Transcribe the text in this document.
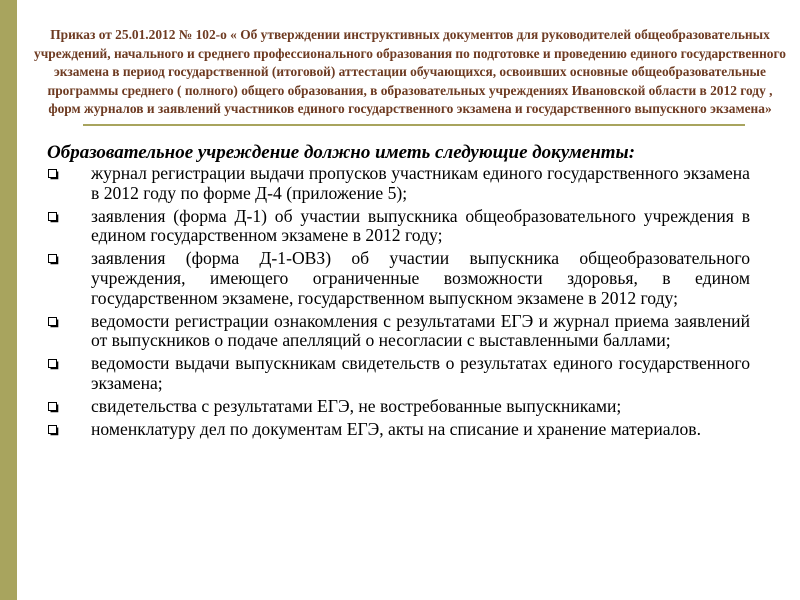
Приказ от 25.01.2012 № 102-о « Об утверждении инструктивных документов для руководителей общеобразовательных учреждений, начального и среднего профессионального образования по подготовке и проведению единого государственного экзамена в период государственной (итоговой) аттестации обучающихся, освоивших основные общеобразовательные программы среднего ( полного) общего образования, в образовательных учреждениях Ивановской области в 2012 году , форм журналов и заявлений участников единого государственного экзамена и государственного выпускного экзамена»

Образовательное учреждение должно иметь следующие документы:

журнал регистрации выдачи пропусков участникам единого государственного экзамена в 2012 году по форме Д-4 (приложение 5);
заявления (форма Д-1) об участии выпускника общеобразовательного учреждения в едином государственном экзамене в 2012 году;
заявления (форма Д-1-ОВЗ) об участии выпускника общеобразовательного учреждения, имеющего ограниченные возможности здоровья, в едином государственном экзамене, государственном выпускном экзамене в 2012 году;
ведомости регистрации ознакомления с результатами ЕГЭ и журнал приема заявлений от выпускников о подаче апелляций о несогласии с выставленными баллами;
ведомости выдачи выпускникам свидетельств о результатах единого государственного экзамена;
свидетельства с результатами ЕГЭ, не востребованные выпускниками;
номенклатуру дел по документам ЕГЭ, акты на списание и хранение материалов.
